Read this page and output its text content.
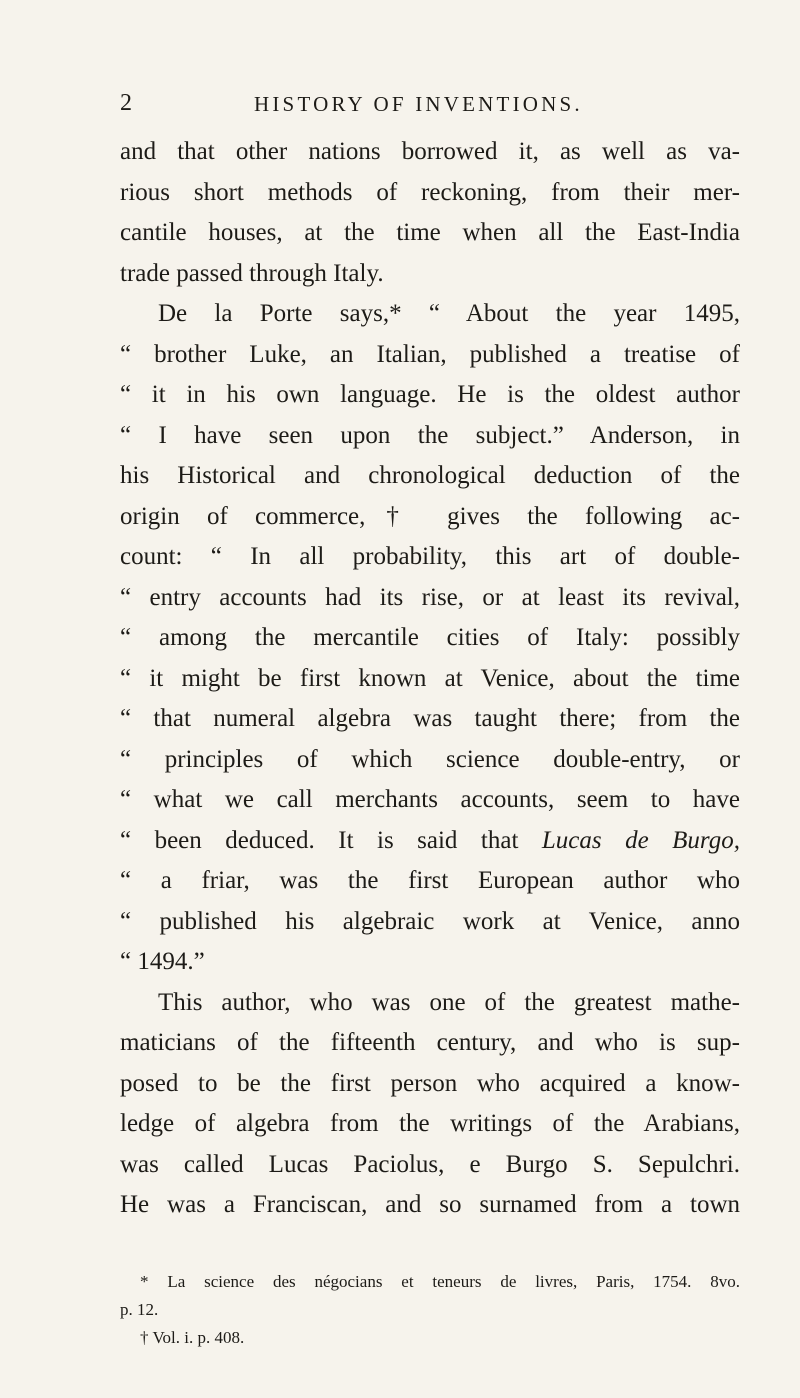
2	HISTORY OF INVENTIONS.
and that other nations borrowed it, as well as va-
rious short methods of reckoning, from their mer-
cantile houses, at the time when all the East-India
trade passed through Italy.
De la Porte says,* “ About the year 1495,
“ brother Luke, an Italian, published a treatise of
“ it in his own language. He is the oldest author
“ I have seen upon the subject.” Anderson, in
his Historical and chronological deduction of the
origin of commerce,† gives the following ac-
count: “ In all probability, this art of double-
“ entry accounts had its rise, or at least its revival,
“ among the mercantile cities of Italy: possibly
“ it might be first known at Venice, about the time
“ that numeral algebra was taught there; from the
“ principles of which science double-entry, or
“ what we call merchants accounts, seem to have
“ been deduced. It is said that Lucas de Burgo,
“ a friar, was the first European author who
“ published his algebraic work at Venice, anno
“ 1494.”
This author, who was one of the greatest mathe-
maticians of the fifteenth century, and who is sup-
posed to be the first person who acquired a know-
ledge of algebra from the writings of the Arabians,
was called Lucas Paciolus, e Burgo S. Sepulchri.
He was a Franciscan, and so surnamed from a town
* La science des négocians et teneurs de livres, Paris, 1754. 8vo.
p. 12.
† Vol. i. p. 408.
